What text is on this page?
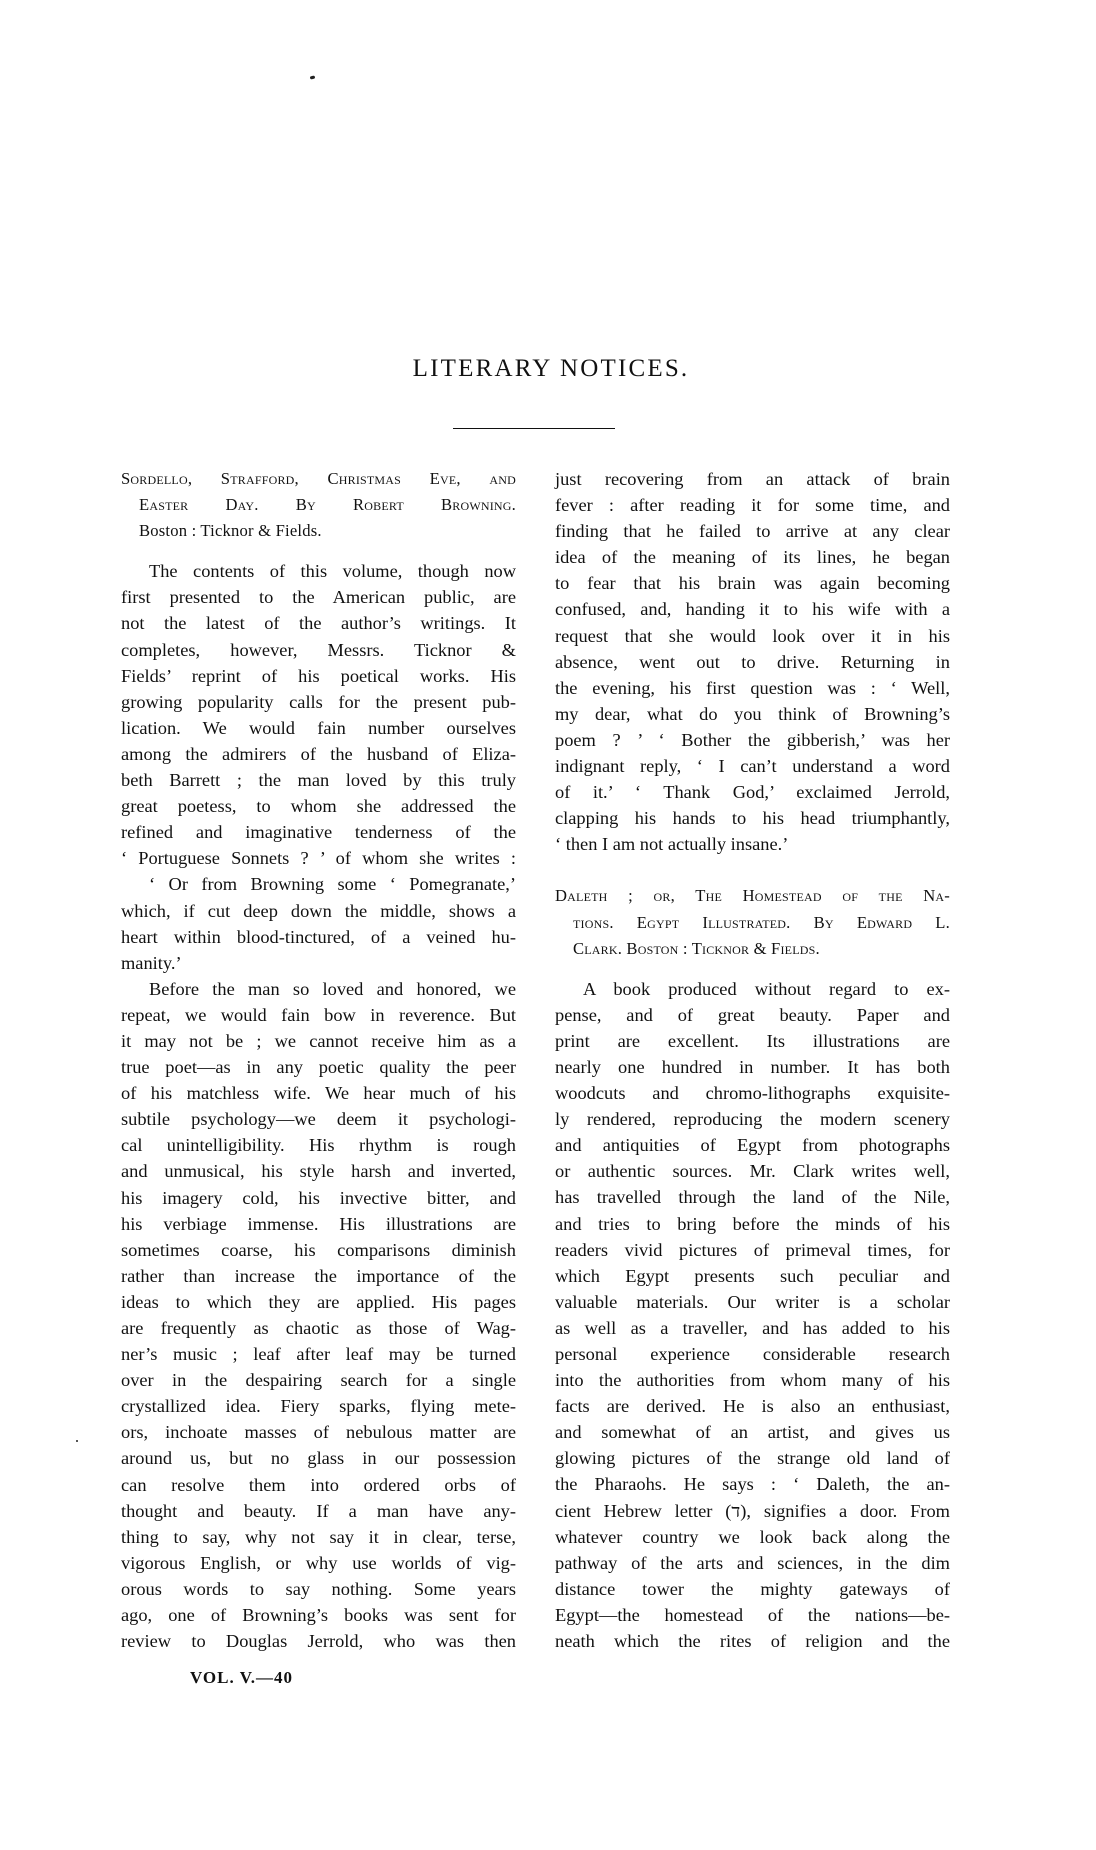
LITERARY NOTICES.
Sordello, Strafford, Christmas Eve, and
Easter Day. By Robert Browning.
Boston : Ticknor & Fields.
The contents of this volume, though now
first presented to the American public, are
not the latest of the author’s writings. It
completes, however, Messrs. Ticknor &
Fields’ reprint of his poetical works. His
growing popularity calls for the present pub-
lication. We would fain number ourselves
among the admirers of the husband of Eliza-
beth Barrett ; the man loved by this truly
great poetess, to whom she addressed the
refined and imaginative tenderness of the
‘ Portuguese Sonnets ? ’ of whom she writes :
‘ Or from Browning some ‘ Pomegranate,’
which, if cut deep down the middle, shows a
heart within blood-tinctured, of a veined hu-
manity.’
Before the man so loved and honored, we
repeat, we would fain bow in reverence. But
it may not be ; we cannot receive him as a
true poet—as in any poetic quality the peer
of his matchless wife. We hear much of his
subtile psychology—we deem it psychologi-
cal unintelligibility. His rhythm is rough
and unmusical, his style harsh and inverted,
his imagery cold, his invective bitter, and
his verbiage immense. His illustrations are
sometimes coarse, his comparisons diminish
rather than increase the importance of the
ideas to which they are applied. His pages
are frequently as chaotic as those of Wag-
ner’s music ; leaf after leaf may be turned
over in the despairing search for a single
crystallized idea. Fiery sparks, flying mete-
ors, inchoate masses of nebulous matter are
around us, but no glass in our possession
can resolve them into ordered orbs of
thought and beauty. If a man have any-
thing to say, why not say it in clear, terse,
vigorous English, or why use worlds of vig-
orous words to say nothing. Some years
ago, one of Browning’s books was sent for
review to Douglas Jerrold, who was then
VOL. V.—40
just recovering from an attack of brain
fever : after reading it for some time, and
finding that he failed to arrive at any clear
idea of the meaning of its lines, he began
to fear that his brain was again becoming
confused, and, handing it to his wife with a
request that she would look over it in his
absence, went out to drive. Returning in
the evening, his first question was : ‘ Well,
my dear, what do you think of Browning’s
poem ? ’ ‘ Bother the gibberish,’ was her
indignant reply, ‘ I can’t understand a word
of it.’ ‘ Thank God,’ exclaimed Jerrold,
clapping his hands to his head triumphantly,
‘ then I am not actually insane.’
Daleth ; or, The Homestead of the Na-
tions. Egypt Illustrated. By Edward L.
Clark. Boston : Ticknor & Fields.
A book produced without regard to ex-
pense, and of great beauty. Paper and
print are excellent. Its illustrations are
nearly one hundred in number. It has both
woodcuts and chromo-lithographs exquisite-
ly rendered, reproducing the modern scenery
and antiquities of Egypt from photographs
or authentic sources. Mr. Clark writes well,
has travelled through the land of the Nile,
and tries to bring before the minds of his
readers vivid pictures of primeval times, for
which Egypt presents such peculiar and
valuable materials. Our writer is a scholar
as well as a traveller, and has added to his
personal experience considerable research
into the authorities from whom many of his
facts are derived. He is also an enthusiast,
and somewhat of an artist, and gives us
glowing pictures of the strange old land of
the Pharaohs. He says : ‘ Daleth, the an-
cient Hebrew letter (ד), signifies a door. From
whatever country we look back along the
pathway of the arts and sciences, in the dim
distance tower the mighty gateways of
Egypt—the homestead of the nations—be-
neath which the rites of religion and the
